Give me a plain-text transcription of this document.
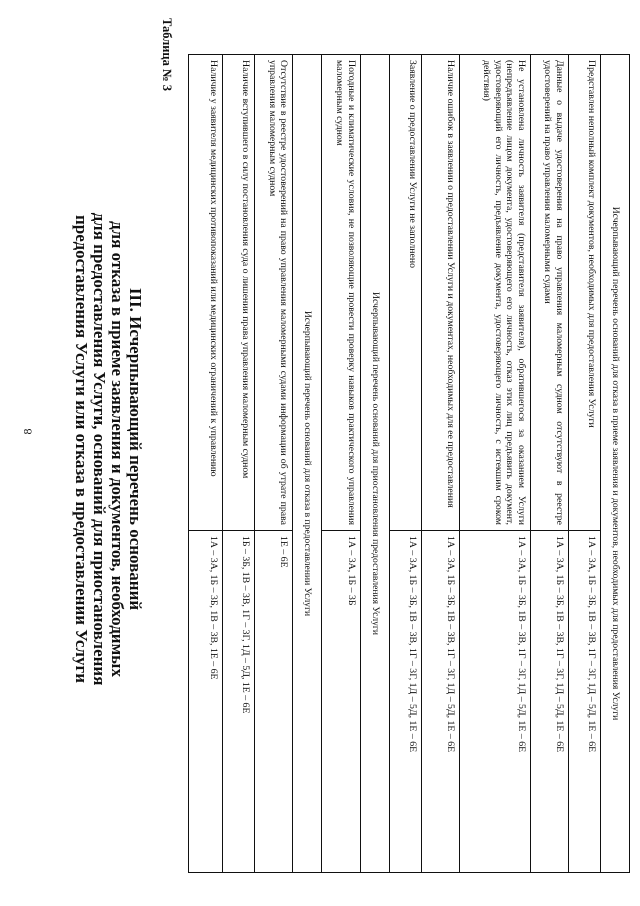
8	III. Исчерпывающий перечень оснований
для отказа в приеме заявления и документов, необходимых
для предоставления Услуги, оснований для приостановления
предоставления Услуги или отказа в предоставлении Услуги
Таблица № 3
Исчерпывающий перечень оснований для отказа в приеме заявления и документов, необходимых для предоставления Услуги	
Представлен неполный комплект документов, необходимых для предоставления Услуги	1А – 3А, 1Б – 3Б, 1В – 3В, 1Г – 3Г, 1Д – 5Д, 1Е – 6Е
Данные о выдаче удостоверения на право управления маломерным судном отсутствуют в реестре удостоверений на право управления маломерными судами	1А – 3А, 1Б – 3Б, 1В – 3В, 1Г – 3Г, 1Д – 5Д, 1Е – 6Е
Не установлена личность заявителя (представителя заявителя), обратившегося за оказанием Услуги (непредъявление лицом документа, удостоверяющего его личность, отказ этих лиц предъявить документ, удостоверяющий его личность, предъявление документа, удостоверяющего личность, с истекшим сроком действия)	1А – 3А, 1Б – 3Б, 1В – 3В, 1Г – 3Г, 1Д – 5Д, 1Е – 6Е
Наличие ошибок в заявлении о предоставлении Услуги и документах, необходимых для ее предоставления	1А – 3А, 1Б – 3Б, 1В – 3В, 1Г – 3Г, 1Д – 5Д, 1Е – 6Е
Заявление о предоставлении Услуги не заполнено	1А – 3А, 1Б – 3Б, 1В – 3В, 1Г – 3Г, 1Д – 5Д, 1Е – 6Е
Исчерпывающий перечень оснований для приостановления предоставления Услуги	
Погодные и климатические условия, не позволяющие провести проверку навыков практического управления маломерным судном	1А – 3А, 1Б – 3Б
Исчерпывающий перечень оснований для отказа в предоставлении Услуги	
Отсутствие в реестре удостоверений на право управления маломерными судами информации об утрате права управления маломерным судном	1Е – 6Е
Наличие вступившего в силу постановления суда о лишении права управления маломерным судном	1Б – 3Б, 1В – 3В, 1Г – 3Г, 1Д – 5Д, 1Е – 6Е
Наличие у заявителя медицинских противопоказаний или медицинских ограничений к управлению	1А – 3А, 1Б – 3Б, 1В – 3В, 1Е – 6Е
